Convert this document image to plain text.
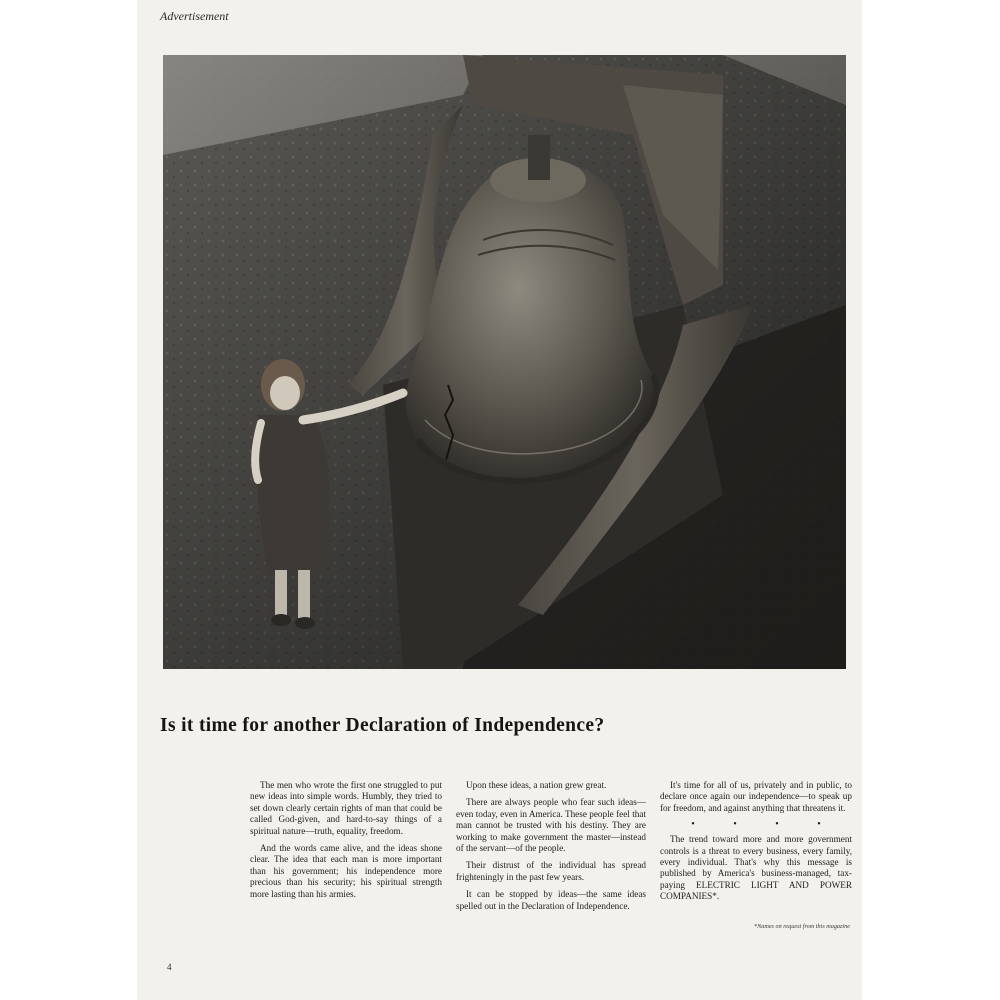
Advertisement
Is it time for another Declaration of Independence?

The men who wrote the first one struggled to put new ideas into simple words. Humbly, they tried to set down clearly certain rights of man that could be called God-given, and hard-to-say things of a spiritual nature—truth, equality, freedom.

And the words came alive, and the ideas shone clear. The idea that each man is more important than his government; his independence more precious than his security; his spiritual strength more lasting than his armies.

Upon these ideas, a nation grew great.

There are always people who fear such ideas—even today, even in America. These people feel that man cannot be trusted with his destiny. They are working to make government the master—instead of the servant—of the people.

Their distrust of the individual has spread frighteningly in the past few years.

It can be stopped by ideas—the same ideas spelled out in the Declaration of Independence.

It's time for all of us, privately and in public, to declare once again our independence—to speak up for freedom, and against anything that threatens it.

• • • •

The trend toward more and more government controls is a threat to every business, every family, every individual. That's why this message is published by America's business-managed, tax-paying ELECTRIC LIGHT AND POWER COMPANIES*.

*Names on request from this magazine
4
